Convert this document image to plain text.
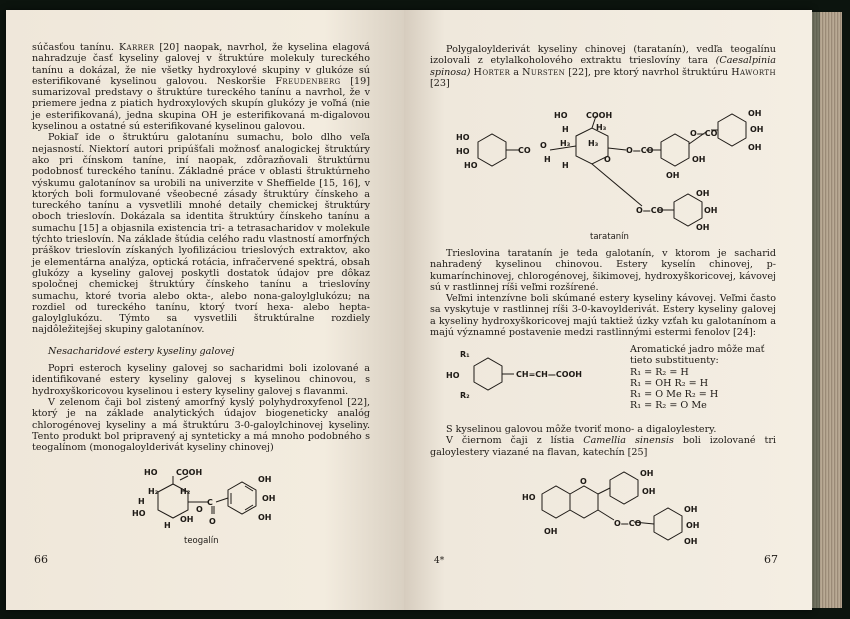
súčasťou tanínu. Karrer [20] naopak, navrhol, že kyselina elagová nahradzuje časť kyseliny galovej v štruktúre molekuly tureckého tanínu a dokázal, že nie všetky hydroxylové skupiny v glukóze sú esterifikované kyselinou galovou. Neskoršie Freudenberg [19] sumarizoval predstavy o štruktúre tureckého tanínu a navrhol, že v priemere jedna z piatich hydroxylových skupín glukózy je voľná (nie je esterifikovaná), jedna skupina OH je esterifikovaná m-digalovou kyselinou a ostatné sú esterifikované kyselinou galovou.

Pokiaľ ide o štruktúru galotanínu sumachu, bolo dlho veľa nejasností. Niektorí autori pripúšťali možnosť analogickej štruktúry ako pri čínskom taníne, iní naopak, zdôrazňovali štruktúrnu podobnosť tureckého tanínu. Základné práce v oblasti štruktúrneho výskumu galotanínov sa urobili na univerzite v Sheffielde [15, 16], v ktorých boli formulované všeobecné zásady štruktúry čínskeho a tureckého tanínu a vysvetlili mnohé detaily chemickej štruktúry oboch trieslovín. Dokázala sa identita štruktúry čínskeho tanínu a sumachu [15] a objasnila existencia tri- a tetrasacharidov v molekule týchto trieslovín. Na základe štúdia celého radu vlastností amorfných práškov trieslovín získaných lyofilizáciou trieslových extraktov, ako je elementárna analýza, optická rotácia, infračervené spektrá, obsah glukózy a kyseliny galovej poskytli dostatok údajov pre dôkaz spoločnej chemickej štruktúry čínskeho tanínu a trieslovíny sumachu, ktoré tvoria alebo okta-, alebo nona-galoylglukózu; na rozdiel od tureckého tanínu, ktorý tvorí hexa- alebo hepta-galoylglukózu. Týmto sa vysvetlili štruktúralne rozdiely najdôležitejšej skupiny galotanínov.

Nesacharidové estery kyseliny galovej

Popri esteroch kyseliny galovej so sacharidmi boli izolované a identifikované estery kyseliny galovej s kyselinou chinovou, s hydroxyškoricovou kyselinou i estery kyseliny galovej s flavanmi.

V zelenom čaji bol zistený amorfný kyslý polyhydroxyfenol [22], ktorý je na základe analytických údajov biogeneticky analóg chlorogénovej kyseliny a má štruktúru 3-0-galoylchinovej kyseliny. Tento produkt bol pripravený aj synteticky a má mnoho podobného s teogalínom (monogaloylderivát kyseliny chinovej)

HO COOH
H₂	H₂
H
HO
H
OH
O
C
O
OH
OH
OH
teogalín
66

Polygaloylderivát kyseliny chinovej (taratanín), vedľa teogalínu izolovali z etylalkoholového extraktu trieslovíny tara (Caesalpinia spinosa) Horter a Nursten [22], pre ktorý navrhol štruktúru Haworth [23]

HO
HO
HO
CO
O
H
HO COOH
H	H₃
H₃ H₃
H
O
O—CO
O—CO
OH
OH
OH
OH
OH
O—CO
OH
OH
OH
taratanín

Trieslovina taratanín je teda galotanín, v ktorom je sacharid nahradený kyselinou chinovou. Estery kyselín chinovej, p-kumarínchinovej, chlorogénovej, šikimovej, hydroxyškoricovej, kávovej sú v rastlinnej ríši veľmi rozšírené.

Veľmi intenzívne boli skúmané estery kyseliny kávovej. Veľmi často sa vyskytuje v rastlinnej ríši 3-0-kavoylderivát. Estery kyseliny galovej a kyseliny hydroxyškoricovej majú taktiež úzky vzťah ku galotanínom a majú významné postavenie medzi rastlinnými estermi fenolov [24]:

R₁
HO
R₂
CH=CH—COOH
Aromatické jadro môže mať tieto substituenty:
R₁ = R₂ = H
R₁ = OH R₂ = H
R₁ = O Me R₂ = H
R₁ = R₂ = O Me

S kyselinou galovou môže tvoriť mono- a digaloylestery.

V čiernom čaji z lístia Camellia sinensis boli izolované tri galoylestery viazané na flavan, katechín [25]

HO
OH
O
OH
OH
O—CO
OH
OH
OH
4*	67
